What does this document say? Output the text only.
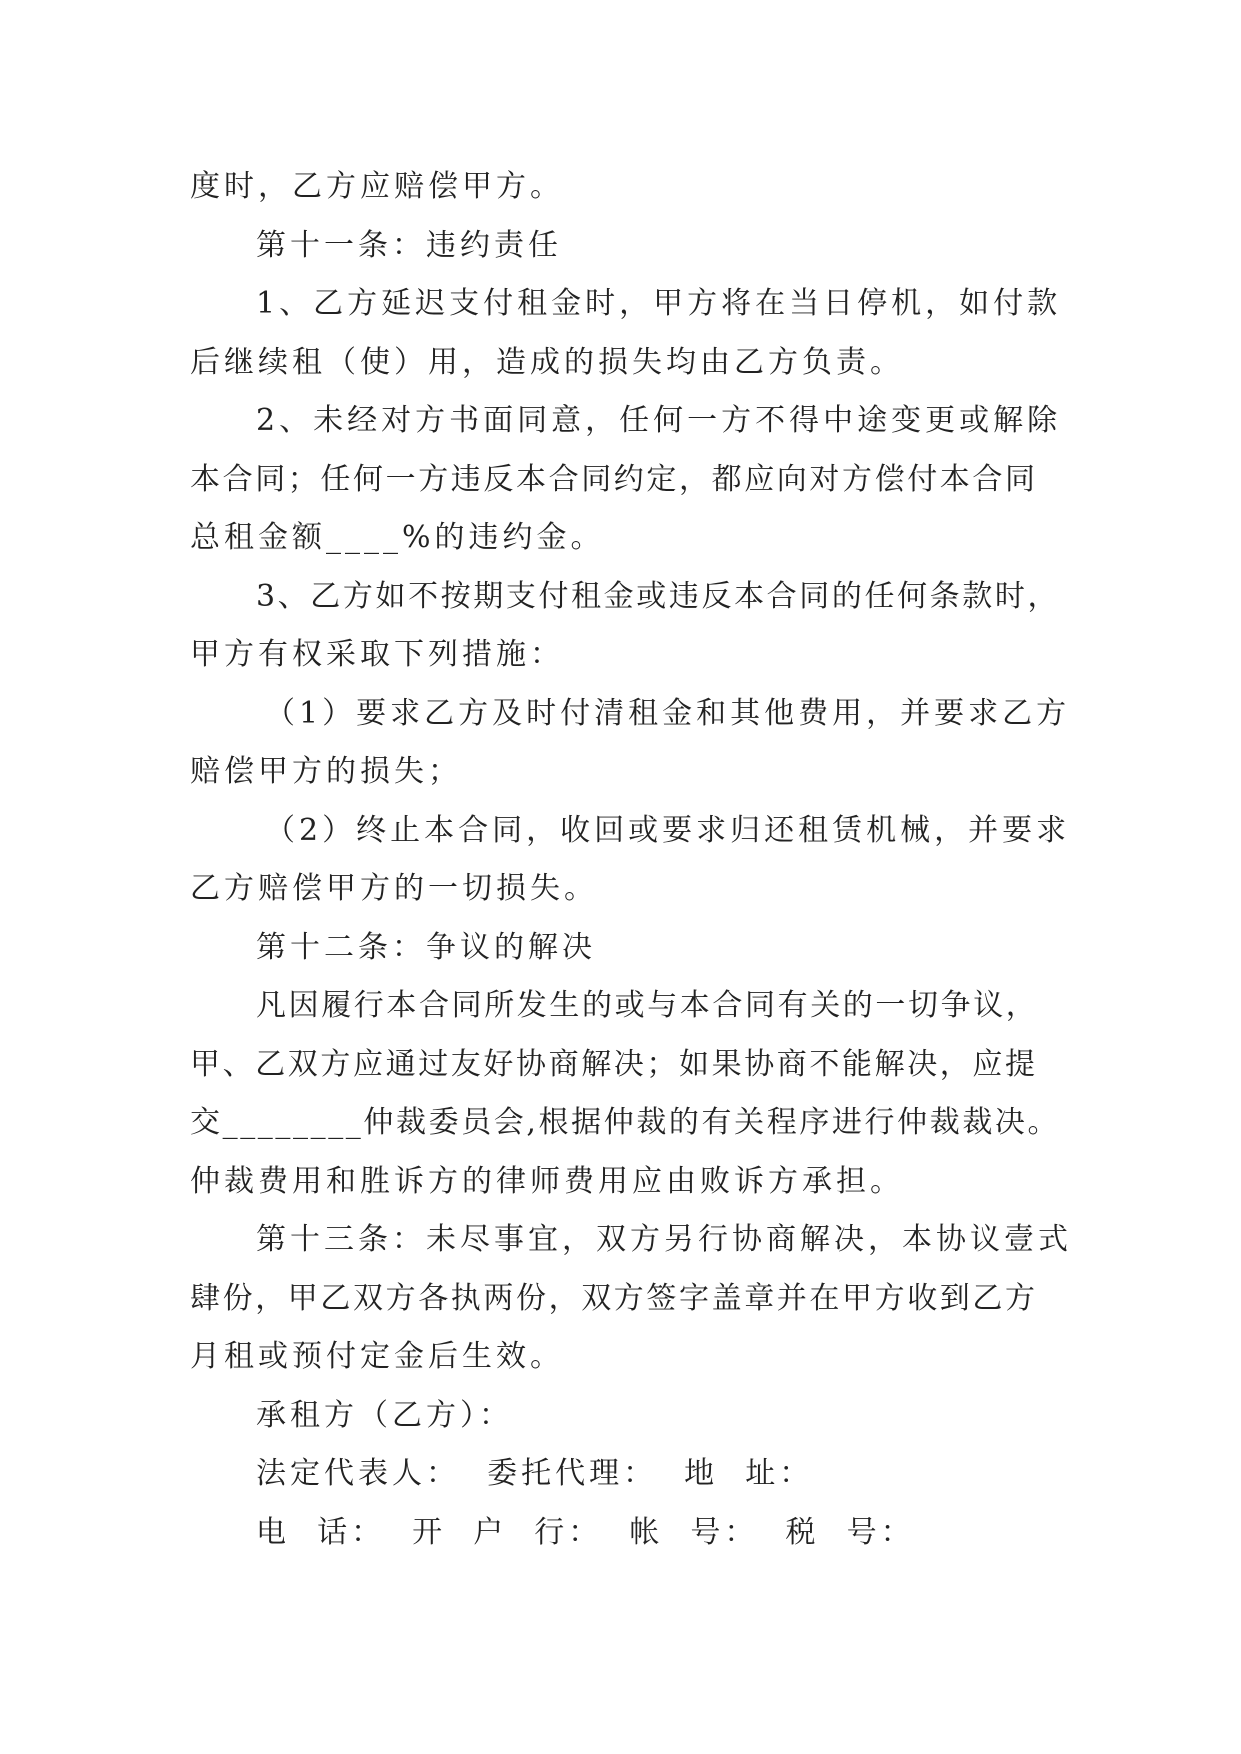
度时，乙方应赔偿甲方。
第十一条：违约责任
1、乙方延迟支付租金时，甲方将在当日停机，如付款
后继续租（使）用，造成的损失均由乙方负责。
2、未经对方书面同意，任何一方不得中途变更或解除
本合同；任何一方违反本合同约定，都应向对方偿付本合同
总租金额____%的违约金。
3、乙方如不按期支付租金或违反本合同的任何条款时，
甲方有权采取下列措施：
（1）要求乙方及时付清租金和其他费用，并要求乙方
赔偿甲方的损失；
（2）终止本合同，收回或要求归还租赁机械，并要求
乙方赔偿甲方的一切损失。
第十二条：争议的解决
凡因履行本合同所发生的或与本合同有关的一切争议，
甲、乙双方应通过友好协商解决；如果协商不能解决，应提
交________仲裁委员会,根据仲裁的有关程序进行仲裁裁决。
仲裁费用和胜诉方的律师费用应由败诉方承担。
第十三条：未尽事宜，双方另行协商解决，本协议壹式
肆份，甲乙双方各执两份，双方签字盖章并在甲方收到乙方
月租或预付定金后生效。
承租方（乙方）：
法定代表人：  委托代理：  地  址：
电  话：  开  户  行：  帐  号：  税  号：
